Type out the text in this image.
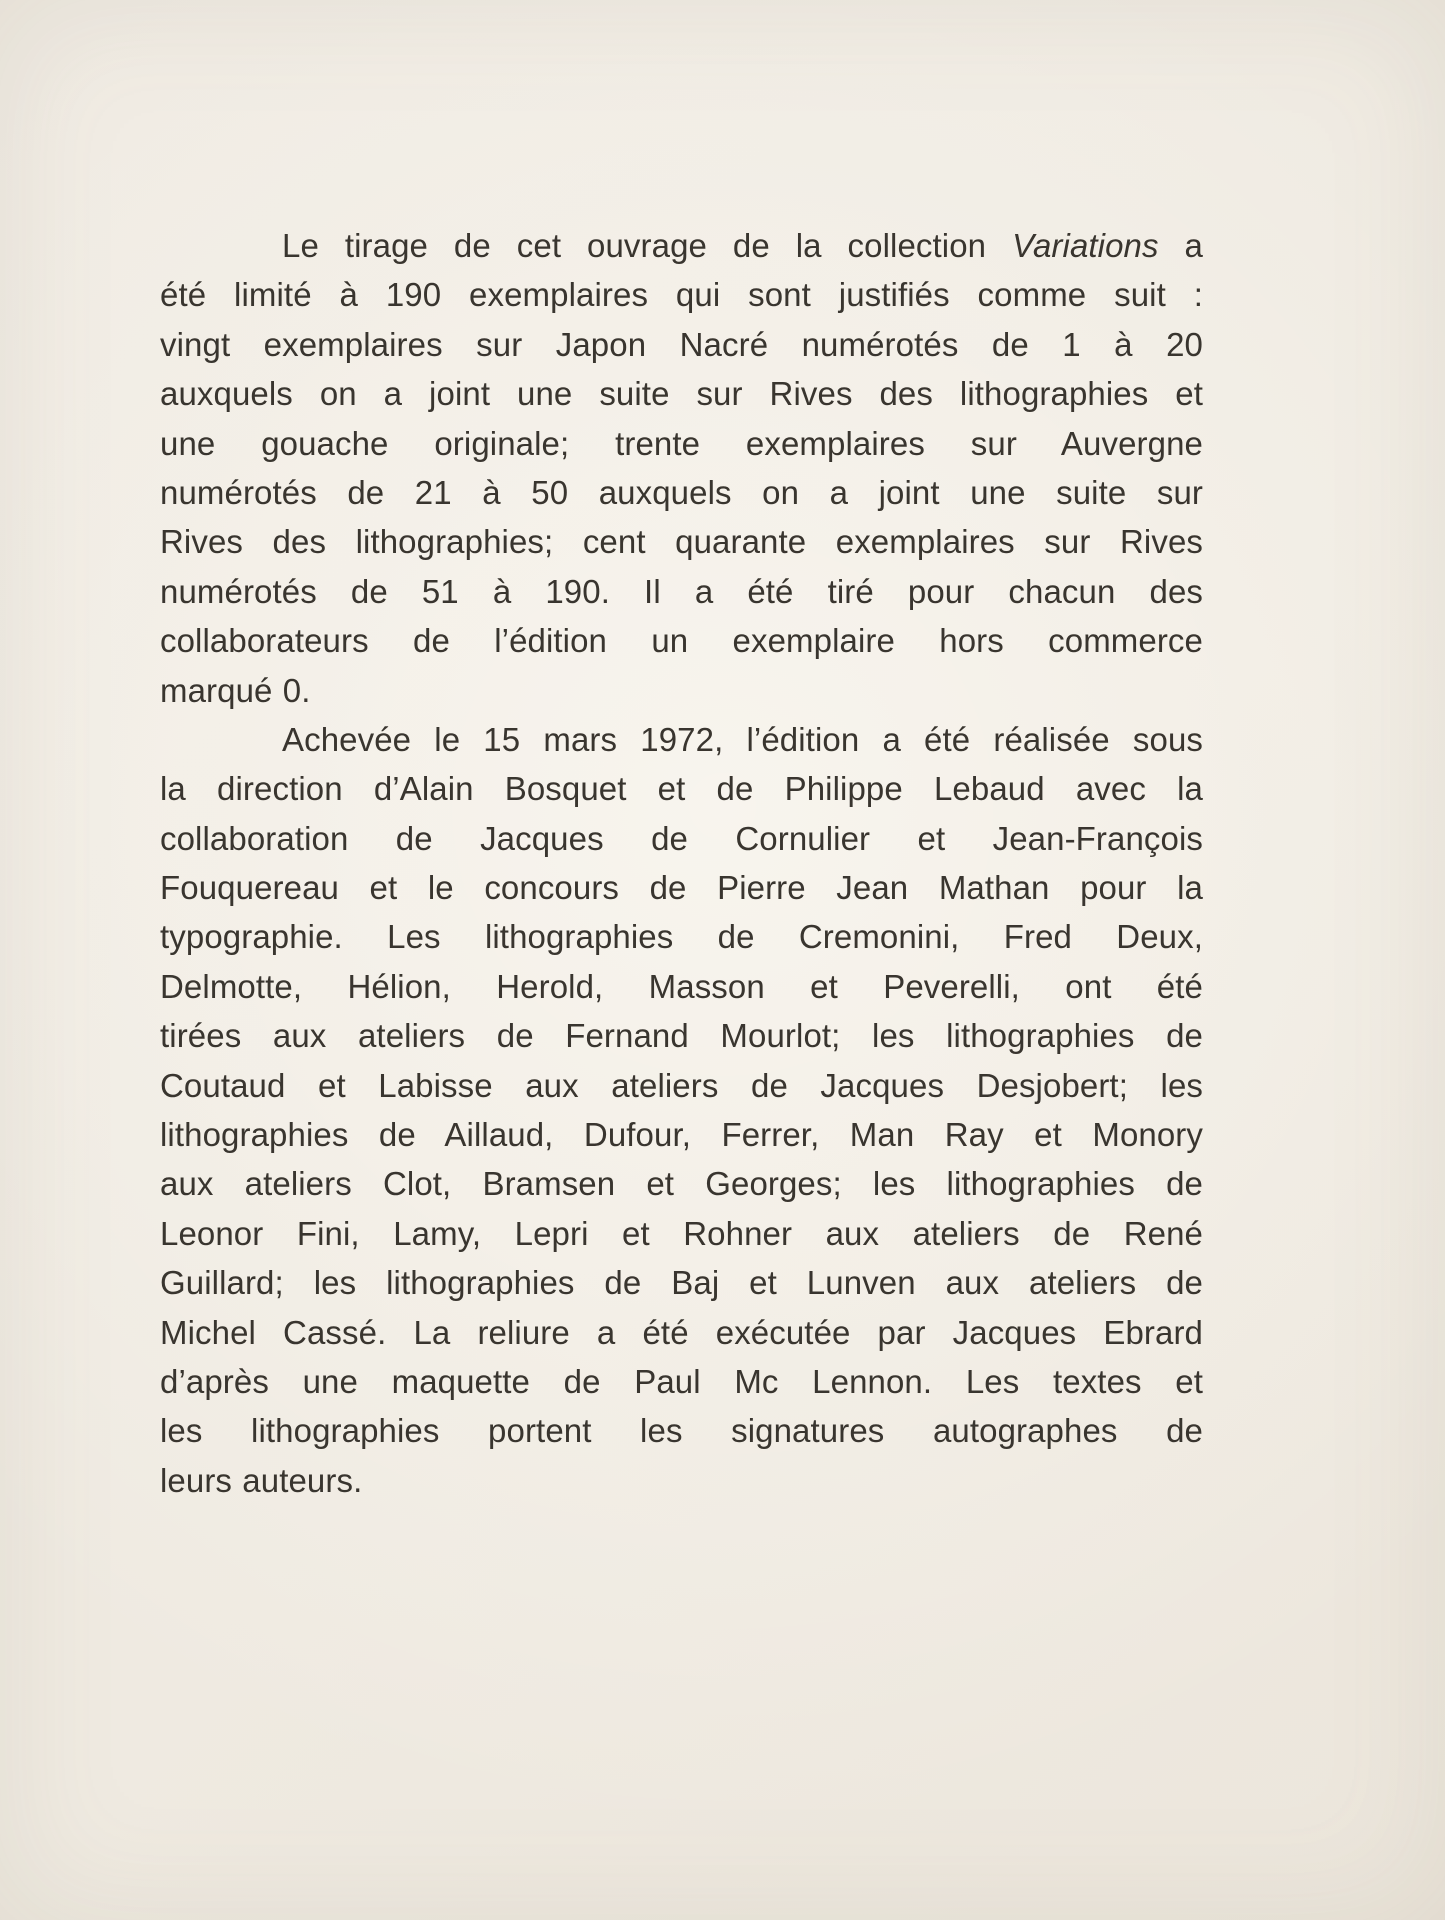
Le tirage de cet ouvrage de la collection Variations a
été limité à 190 exemplaires qui sont justifiés comme suit :
vingt exemplaires sur Japon Nacré numérotés de 1 à 20
auxquels on a joint une suite sur Rives des lithographies et
une gouache originale; trente exemplaires sur Auvergne
numérotés de 21 à 50 auxquels on a joint une suite sur
Rives des lithographies; cent quarante exemplaires sur Rives
numérotés de 51 à 190. Il a été tiré pour chacun des
collaborateurs de l’édition un exemplaire hors commerce
marqué 0.
Achevée le 15 mars 1972, l’édition a été réalisée sous
la direction d’Alain Bosquet et de Philippe Lebaud avec la
collaboration de Jacques de Cornulier et Jean-François
Fouquereau et le concours de Pierre Jean Mathan pour la
typographie. Les lithographies de Cremonini, Fred Deux,
Delmotte, Hélion, Herold, Masson et Peverelli, ont été
tirées aux ateliers de Fernand Mourlot; les lithographies de
Coutaud et Labisse aux ateliers de Jacques Desjobert; les
lithographies de Aillaud, Dufour, Ferrer, Man Ray et Monory
aux ateliers Clot, Bramsen et Georges; les lithographies de
Leonor Fini, Lamy, Lepri et Rohner aux ateliers de René
Guillard; les lithographies de Baj et Lunven aux ateliers de
Michel Cassé. La reliure a été exécutée par Jacques Ebrard
d’après une maquette de Paul Mc Lennon. Les textes et
les lithographies portent les signatures autographes de
leurs auteurs.
